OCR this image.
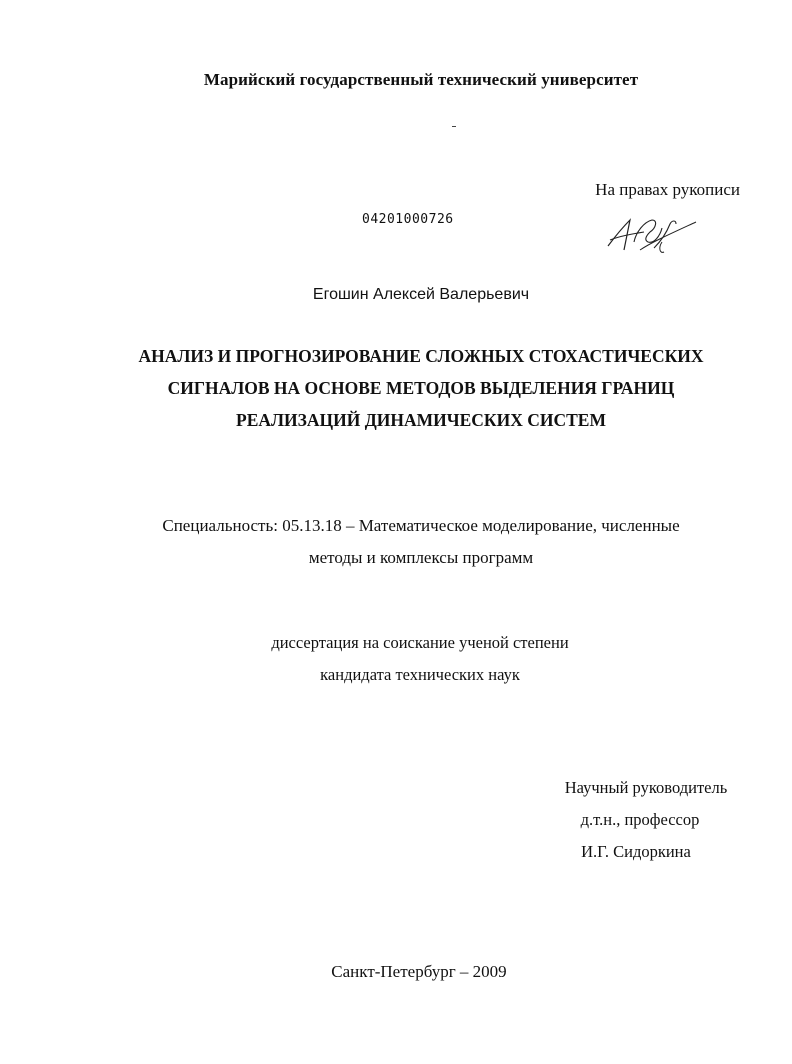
Марийский государственный технический университет
На правах рукописи
04201000726
Егошин Алексей Валерьевич
АНАЛИЗ И ПРОГНОЗИРОВАНИЕ СЛОЖНЫХ СТОХАСТИЧЕСКИХ
СИГНАЛОВ НА ОСНОВЕ МЕТОДОВ ВЫДЕЛЕНИЯ ГРАНИЦ
РЕАЛИЗАЦИЙ ДИНАМИЧЕСКИХ СИСТЕМ
Специальность: 05.13.18 – Математическое моделирование, численные
методы и комплексы программ
диссертация на соискание ученой степени
кандидата технических наук
Научный руководитель
д.т.н., профессор
И.Г. Сидоркина
Санкт-Петербург – 2009
